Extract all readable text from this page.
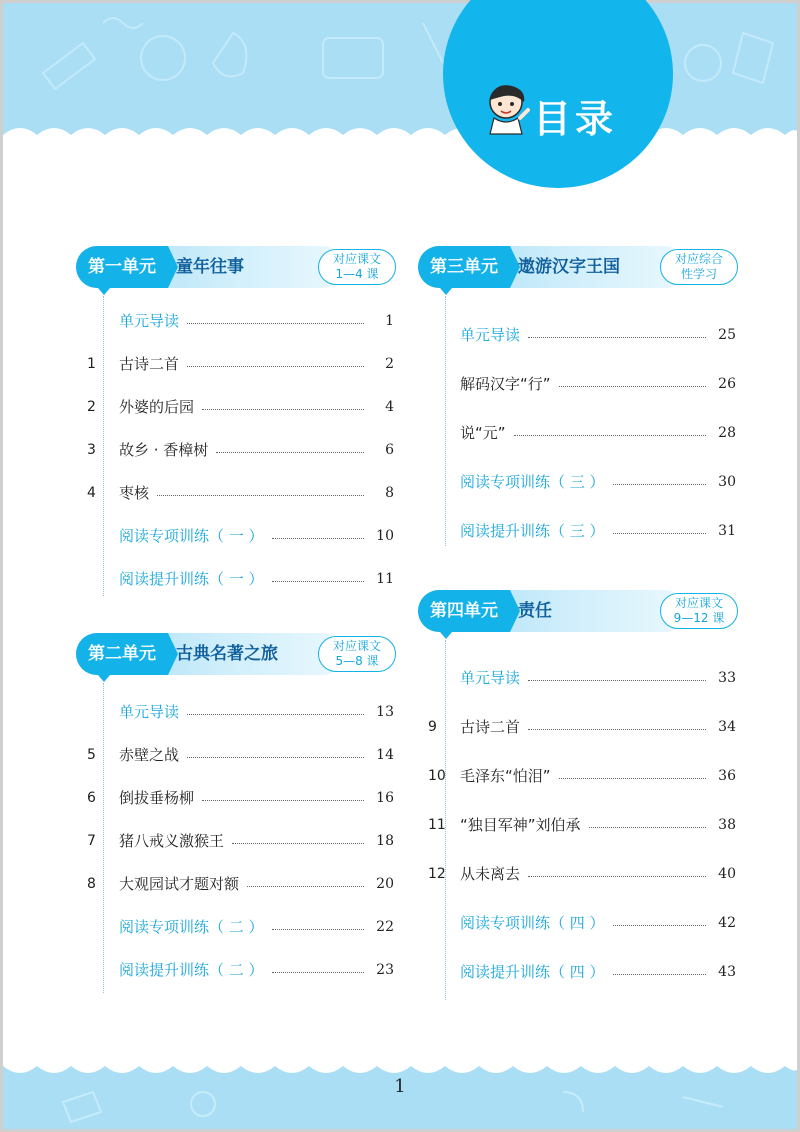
目录
第一单元	童年往事	对应课文
1—4 课
第二单元	古典名著之旅	对应课文
5—8 课
第三单元	遨游汉字王国	对应综合
性学习
第四单元	责任	对应课文
9—12 课
单元导读	1
1	古诗二首	2
2	外婆的后园	4
3	故乡 · 香樟树	6
4	枣核	8
阅读专项训练（ 一 ）	10
阅读提升训练（ 一 ）	11
单元导读	13
5	赤壁之战	14
6	倒拔垂杨柳	16
7	猪八戒义激猴王	18
8	大观园试才题对额	20
阅读专项训练（ 二 ）	22
阅读提升训练（ 二 ）	23
单元导读	25
解码汉字“行”	26
说“元”	28
阅读专项训练（ 三 ）	30
阅读提升训练（ 三 ）	31
单元导读	33
9	古诗二首	34
10 毛泽东“怕泪”	36
11 “独目军神”刘伯承	38
12 从未离去	40
阅读专项训练（ 四 ）	42
阅读提升训练（ 四 ）	43
1
